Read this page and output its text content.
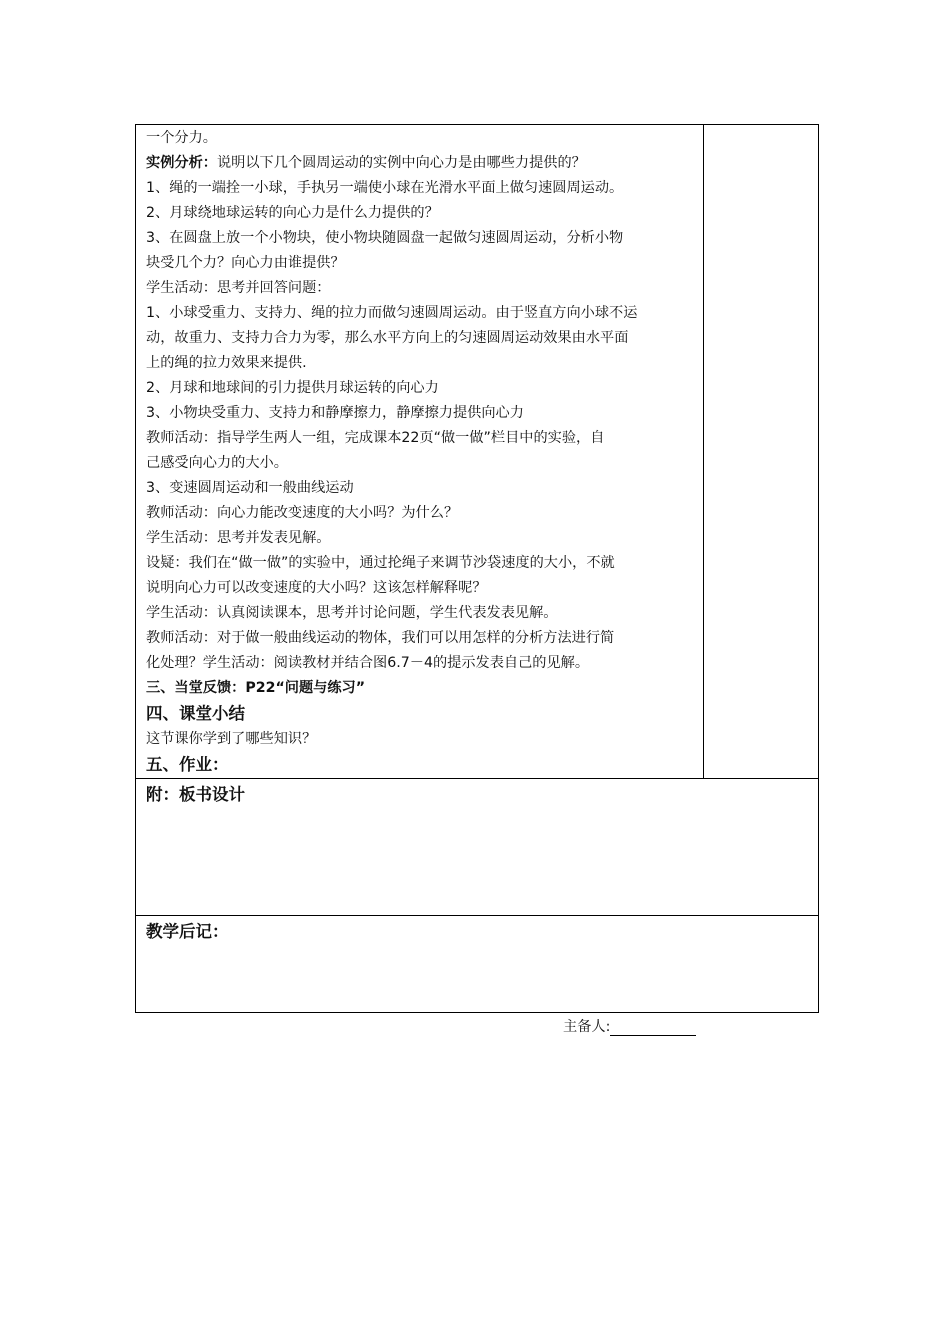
一个分力。
实例分析：说明以下几个圆周运动的实例中向心力是由哪些力提供的？
1、绳的一端拴一小球，手执另一端使小球在光滑水平面上做匀速圆周运动。
2、月球绕地球运转的向心力是什么力提供的？
3、在圆盘上放一个小物块，使小物块随圆盘一起做匀速圆周运动，分析小物
块受几个力？向心力由谁提供？
学生活动：思考并回答问题：
1、小球受重力、支持力、绳的拉力而做匀速圆周运动。由于竖直方向小球不运
动，故重力、支持力合力为零，那么水平方向上的匀速圆周运动效果由水平面
上的绳的拉力效果来提供.
2、月球和地球间的引力提供月球运转的向心力
3、小物块受重力、支持力和静摩擦力，静摩擦力提供向心力
教师活动：指导学生两人一组，完成课本22页“做一做”栏目中的实验，自
己感受向心力的大小。
3、变速圆周运动和一般曲线运动
教师活动：向心力能改变速度的大小吗？为什么？
学生活动：思考并发表见解。
设疑：我们在“做一做”的实验中，通过抡绳子来调节沙袋速度的大小，不就
说明向心力可以改变速度的大小吗？这该怎样解释呢？
学生活动：认真阅读课本，思考并讨论问题，学生代表发表见解。
教师活动：对于做一般曲线运动的物体，我们可以用怎样的分析方法进行简
化处理？学生活动：阅读教材并结合图6.7－4的提示发表自己的见解。
三、当堂反馈：P22“问题与练习”
四、课堂小结
这节课你学到了哪些知识？
五、作业：
附：板书设计
教学后记：
主备人:
